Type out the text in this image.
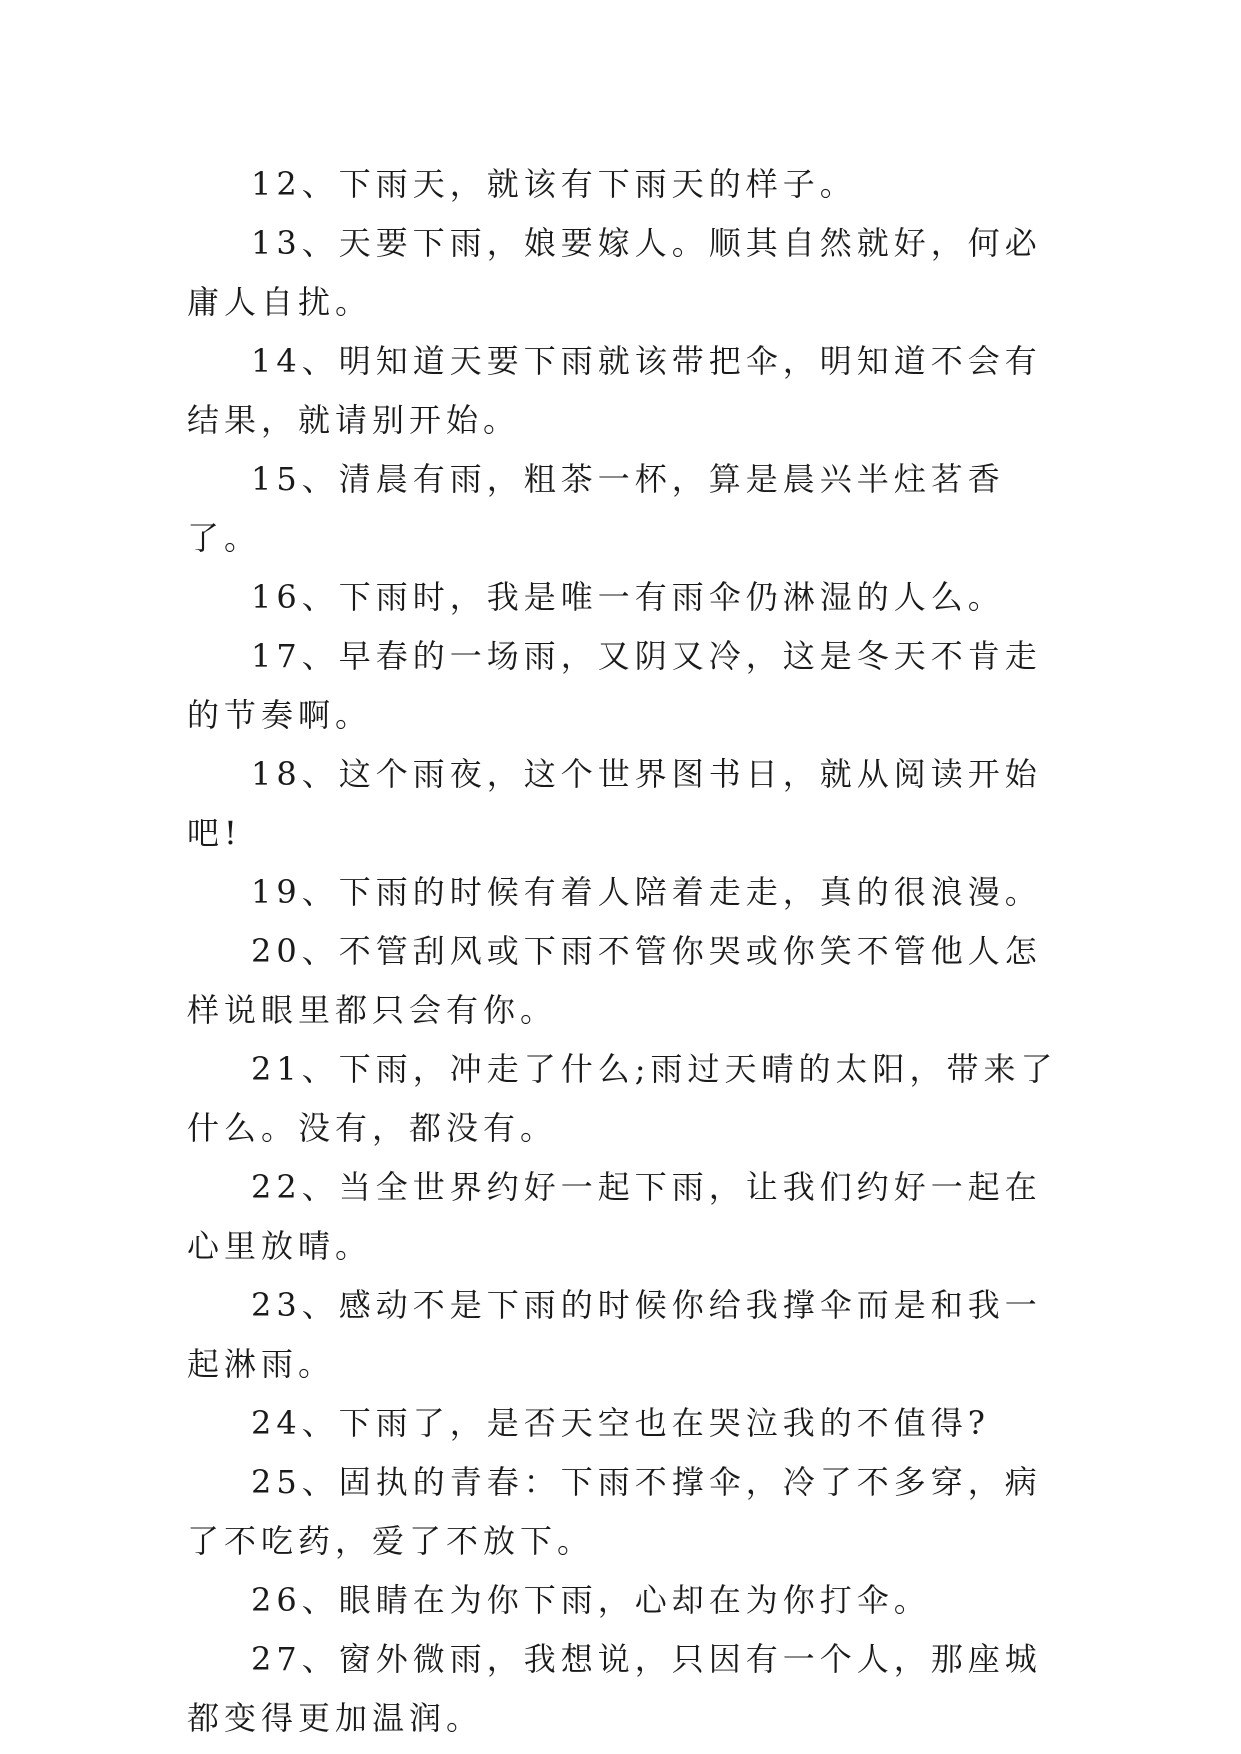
12、下雨天，就该有下雨天的样子。

13、天要下雨，娘要嫁人。顺其自然就好，何必庸人自扰。

14、明知道天要下雨就该带把伞，明知道不会有结果，就请别开始。

15、清晨有雨，粗茶一杯，算是晨兴半炷茗香了。

16、下雨时，我是唯一有雨伞仍淋湿的人么。

17、早春的一场雨，又阴又冷，这是冬天不肯走的节奏啊。

18、这个雨夜，这个世界图书日，就从阅读开始吧!

19、下雨的时候有着人陪着走走，真的很浪漫。

20、不管刮风或下雨不管你哭或你笑不管他人怎样说眼里都只会有你。

21、下雨，冲走了什么;雨过天晴的太阳，带来了什么。没有，都没有。

22、当全世界约好一起下雨，让我们约好一起在心里放晴。

23、感动不是下雨的时候你给我撑伞而是和我一起淋雨。

24、下雨了，是否天空也在哭泣我的不值得?

25、固执的青春：下雨不撑伞，冷了不多穿，病了不吃药，爱了不放下。

26、眼睛在为你下雨，心却在为你打伞。

27、窗外微雨，我想说，只因有一个人，那座城都变得更加温润。
